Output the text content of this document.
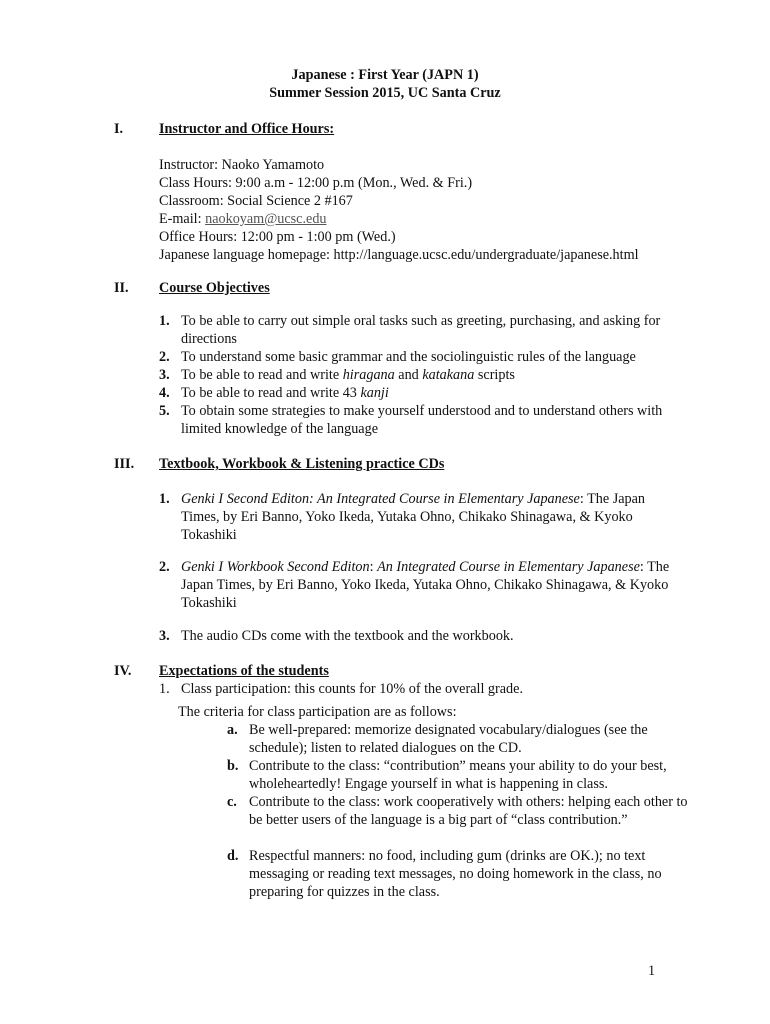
Japanese : First Year (JAPN 1)
Summer Session 2015, UC Santa Cruz
I.	Instructor and Office Hours:
Instructor: Naoko Yamamoto
Class Hours: 9:00 a.m - 12:00 p.m (Mon., Wed. & Fri.)
Classroom: Social Science 2 #167
E-mail: naokoyam@ucsc.edu
Office Hours: 12:00 pm - 1:00 pm (Wed.)
Japanese language homepage: http://language.ucsc.edu/undergraduate/japanese.html
II. Course Objectives
1. To be able to carry out simple oral tasks such as greeting, purchasing, and asking for directions
2. To understand some basic grammar and the sociolinguistic rules of the language
3. To be able to read and write hiragana and katakana scripts
4. To be able to read and write 43 kanji
5. To obtain some strategies to make yourself understood and to understand others with limited knowledge of the language
III. Textbook, Workbook & Listening practice CDs
1. Genki I Second Editon: An Integrated Course in Elementary Japanese: The Japan Times, by Eri Banno, Yoko Ikeda, Yutaka Ohno, Chikako Shinagawa, & Kyoko Tokashiki
2. Genki I Workbook Second Editon: An Integrated Course in Elementary Japanese: The Japan Times, by Eri Banno, Yoko Ikeda, Yutaka Ohno, Chikako Shinagawa, & Kyoko Tokashiki
3. The audio CDs come with the textbook and the workbook.
IV. Expectations of the students
1. Class participation: this counts for 10% of the overall grade.
The criteria for class participation are as follows:
a. Be well-prepared: memorize designated vocabulary/dialogues (see the schedule); listen to related dialogues on the CD.
b. Contribute to the class: “contribution” means your ability to do your best, wholeheartedly! Engage yourself in what is happening in class.
c. Contribute to the class: work cooperatively with others: helping each other to be better users of the language is a big part of “class contribution.”
d. Respectful manners: no food, including gum (drinks are OK.); no text messaging or reading text messages, no doing homework in the class, no preparing for quizzes in the class.
1
